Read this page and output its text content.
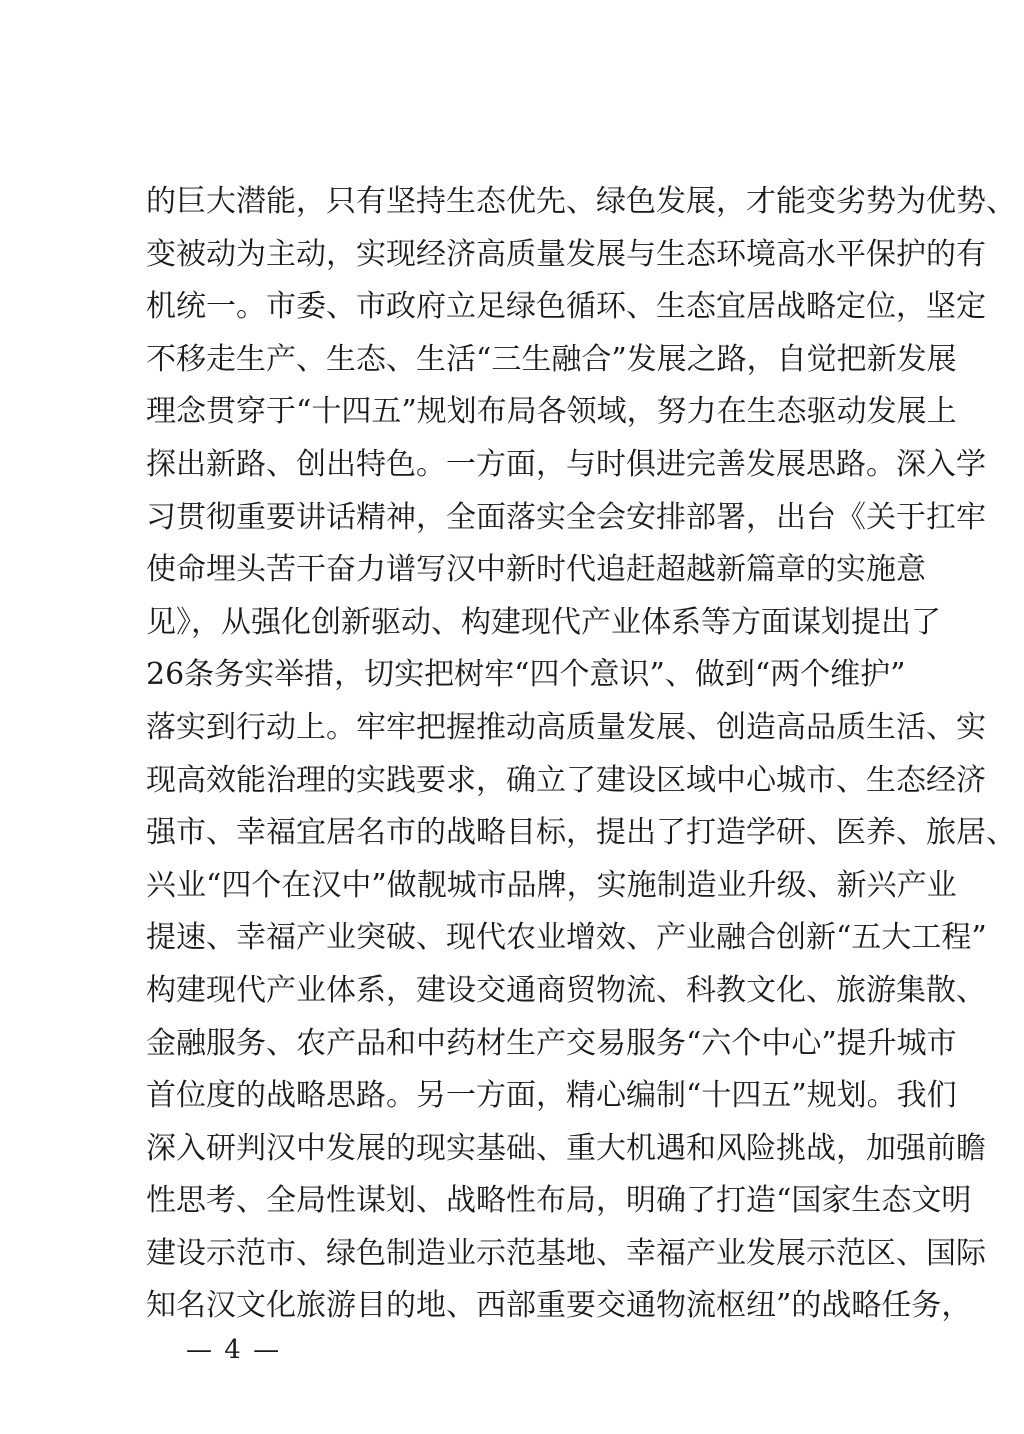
的巨大潜能，只有坚持生态优先、绿色发展，才能变劣势为优势、
变被动为主动，实现经济高质量发展与生态环境高水平保护的有
机统一。市委、市政府立足绿色循环、生态宜居战略定位，坚定
不移走生产、生态、生活“三生融合”发展之路，自觉把新发展
理念贯穿于“十四五”规划布局各领域，努力在生态驱动发展上
探出新路、创出特色。一方面，与时俱进完善发展思路。深入学
习贯彻重要讲话精神，全面落实全会安排部署，出台《关于扛牢
使命埋头苦干奋力谱写汉中新时代追赶超越新篇章的实施意
见》，从强化创新驱动、构建现代产业体系等方面谋划提出了
26条务实举措，切实把树牢“四个意识”、做到“两个维护”
落实到行动上。牢牢把握推动高质量发展、创造高品质生活、实
现高效能治理的实践要求，确立了建设区域中心城市、生态经济
强市、幸福宜居名市的战略目标，提出了打造学研、医养、旅居、
兴业“四个在汉中”做靓城市品牌，实施制造业升级、新兴产业
提速、幸福产业突破、现代农业增效、产业融合创新“五大工程”
构建现代产业体系，建设交通商贸物流、科教文化、旅游集散、
金融服务、农产品和中药材生产交易服务“六个中心”提升城市
首位度的战略思路。另一方面，精心编制“十四五”规划。我们
深入研判汉中发展的现实基础、重大机遇和风险挑战，加强前瞻
性思考、全局性谋划、战略性布局，明确了打造“国家生态文明
建设示范市、绿色制造业示范基地、幸福产业发展示范区、国际
知名汉文化旅游目的地、西部重要交通物流枢纽”的战略任务，
— 4 —
